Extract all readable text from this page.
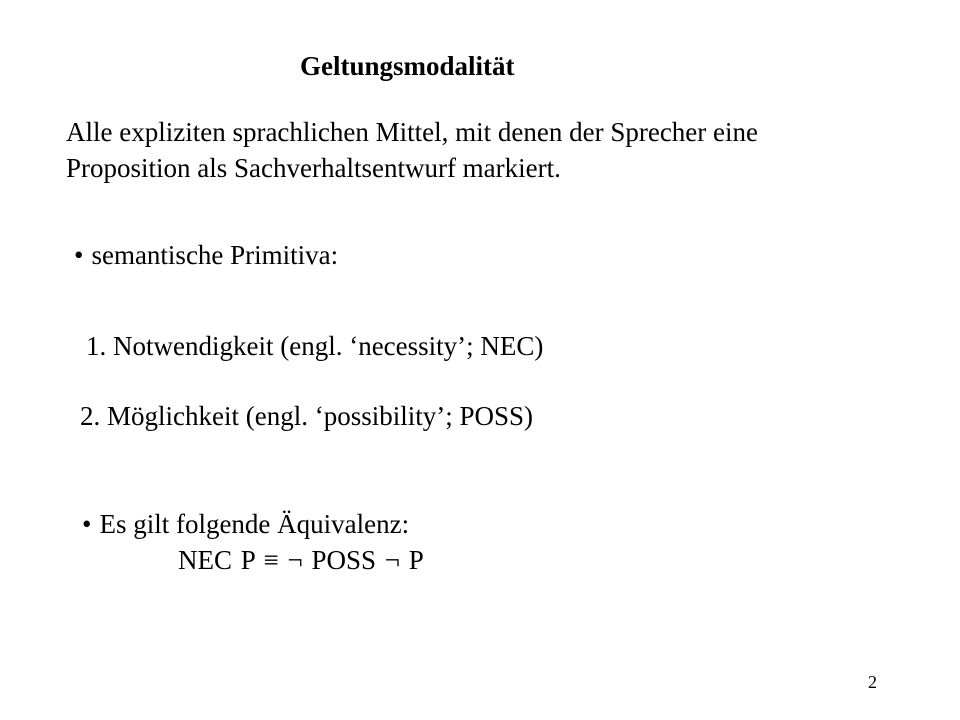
Geltungsmodalität
Alle expliziten sprachlichen Mittel, mit denen der Sprecher eine
Proposition als Sachverhaltsentwurf markiert.
• semantische Primitiva:
1. Notwendigkeit (engl. ‘necessity’; NEC)
2. Möglichkeit (engl. ‘possibility’; POSS)
• Es gilt folgende Äquivalenz:
NEC P ≡ ¬ POSS ¬ P
2
